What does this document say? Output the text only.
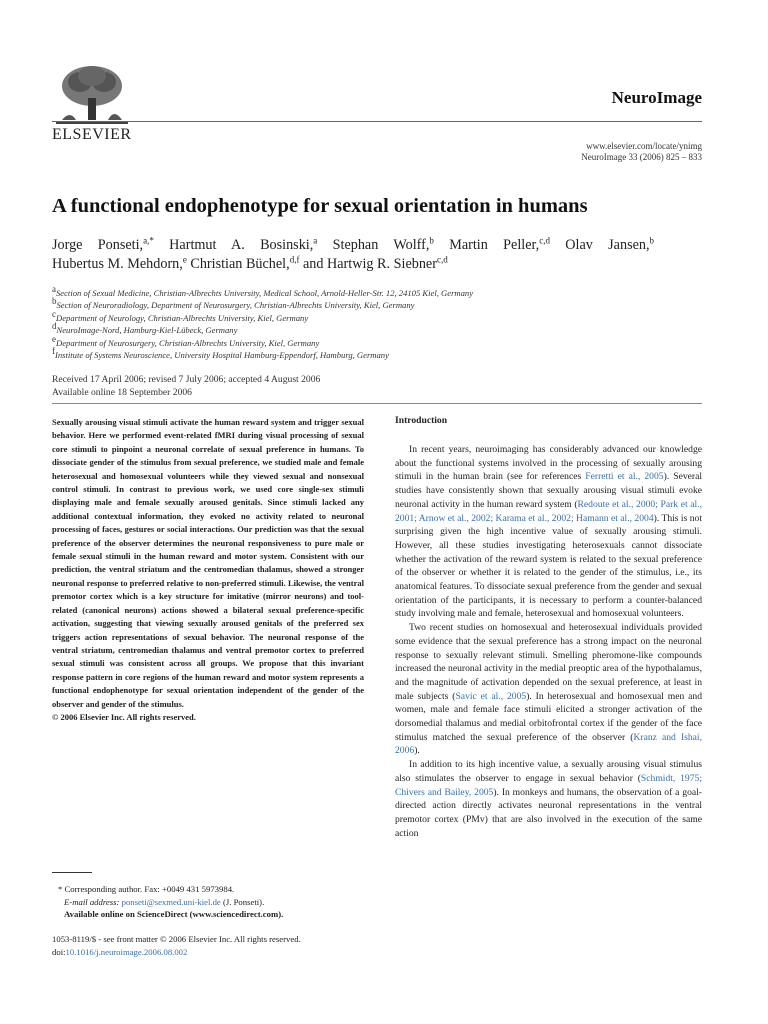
ELSEVIER
NeuroImage
www.elsevier.com/locate/ynimg
NeuroImage 33 (2006) 825 – 833
A functional endophenotype for sexual orientation in humans
Jorge Ponseti,$^{a,*}$ Hartmut A. Bosinski,$^a$ Stephan Wolff,$^b$ Martin Peller,$^{c,d}$ Olav Jansen,$^b$
Hubertus M. Mehdorn,$^e$ Christian Büchel,$^{d,f}$ and Hartwig R. Siebner$^{c,d}$
$^a$Section of Sexual Medicine, Christian-Albrechts University, Medical School, Arnold-Heller-Str. 12, 24105 Kiel, Germany
$^b$Section of Neuroradiology, Department of Neurosurgery, Christian-Albrechts University, Kiel, Germany
$^c$Department of Neurology, Christian-Albrechts University, Kiel, Germany
$^d$NeuroImage-Nord, Hamburg-Kiel-Lübeck, Germany
$^e$Department of Neurosurgery, Christian-Albrechts University, Kiel, Germany
$^f$Institute of Systems Neuroscience, University Hospital Hamburg-Eppendorf, Hamburg, Germany
Received 17 April 2006; revised 7 July 2006; accepted 4 August 2006
Available online 18 September 2006

Sexually arousing visual stimuli activate the human reward system and trigger sexual behavior. Here we performed event-related fMRI during visual processing of sexual core stimuli to pinpoint a neuronal correlate of sexual preference in humans. To dissociate gender of the stimulus from sexual preference, we studied male and female heterosexual and homosexual volunteers while they viewed sexual and nonsexual control stimuli. In contrast to previous work, we used core single-sex stimuli displaying male and female sexually aroused genitals. Since stimuli lacked any additional contextual information, they evoked no activity related to neuronal processing of faces, gestures or social interactions. Our prediction was that the sexual preference of the observer determines the neuronal responsiveness to pure male or female sexual stimuli in the human reward and motor system. Consistent with our prediction, the ventral striatum and the centromedian thalamus, showed a stronger neuronal response to preferred relative to non-preferred stimuli. Likewise, the ventral premotor cortex which is a key structure for imitative (mirror neurons) and tool-related (canonical neurons) actions showed a bilateral sexual preference-specific activation, suggesting that viewing sexually aroused genitals of the preferred sex triggers action representations of sexual behavior. The neuronal response of the ventral striatum, centromedian thalamus and ventral premotor cortex to preferred sexual stimuli was consistent across all groups. We propose that this invariant response pattern in core regions of the human reward and motor system represents a functional endophenotype for sexual orientation independent of the gender of the observer and gender of the stimulus.

© 2006 Elsevier Inc. All rights reserved.

* Corresponding author. Fax: +0049 431 5973984.
E-mail address: ponseti@sexmed.uni-kiel.de (J. Ponseti).
Available online on ScienceDirect (www.sciencedirect.com).
1053-8119/$ - see front matter © 2006 Elsevier Inc. All rights reserved.
doi:10.1016/j.neuroimage.2006.08.002
Introduction

In recent years, neuroimaging has considerably advanced our knowledge about the functional systems involved in the processing of sexually arousing stimuli in the human brain (see for references Ferretti et al., 2005). Several studies have consistently shown that sexually arousing visual stimuli evoke neuronal activity in the human reward system (Redoute et al., 2000; Park et al., 2001; Arnow et al., 2002; Karama et al., 2002; Hamann et al., 2004). This is not surprising given the high incentive value of sexually arousing stimuli. However, all these studies investigating heterosexuals cannot dissociate whether the activation of the reward system is related to the sexual preference of the observer or whether it is related to the gender of the stimulus, i.e., its anatomical features. To dissociate sexual preference from the gender and sexual orientation of the participants, it is necessary to perform a counter-balanced study involving male and female, heterosexual and homosexual volunteers.

Two recent studies on homosexual and heterosexual individuals provided some evidence that the sexual preference has a strong impact on the neuronal response to sexually relevant stimuli. Smelling pheromone-like compounds increased the neuronal activity in the medial preoptic area of the hypothalamus, and the magnitude of activation depended on the sexual preference, at least in male subjects (Savic et al., 2005). In heterosexual and homosexual men and women, male and female face stimuli elicited a stronger activation of the dorsomedial thalamus and medial orbitofrontal cortex if the gender of the face stimulus matched the sexual preference of the observer (Kranz and Ishai, 2006).

In addition to its high incentive value, a sexually arousing visual stimulus also stimulates the observer to engage in sexual behavior (Schmidt, 1975; Chivers and Bailey, 2005). In monkeys and humans, the observation of a goal-directed action directly activates neuronal representations in the ventral premotor cortex (PMv) that are also involved in the execution of the same action
